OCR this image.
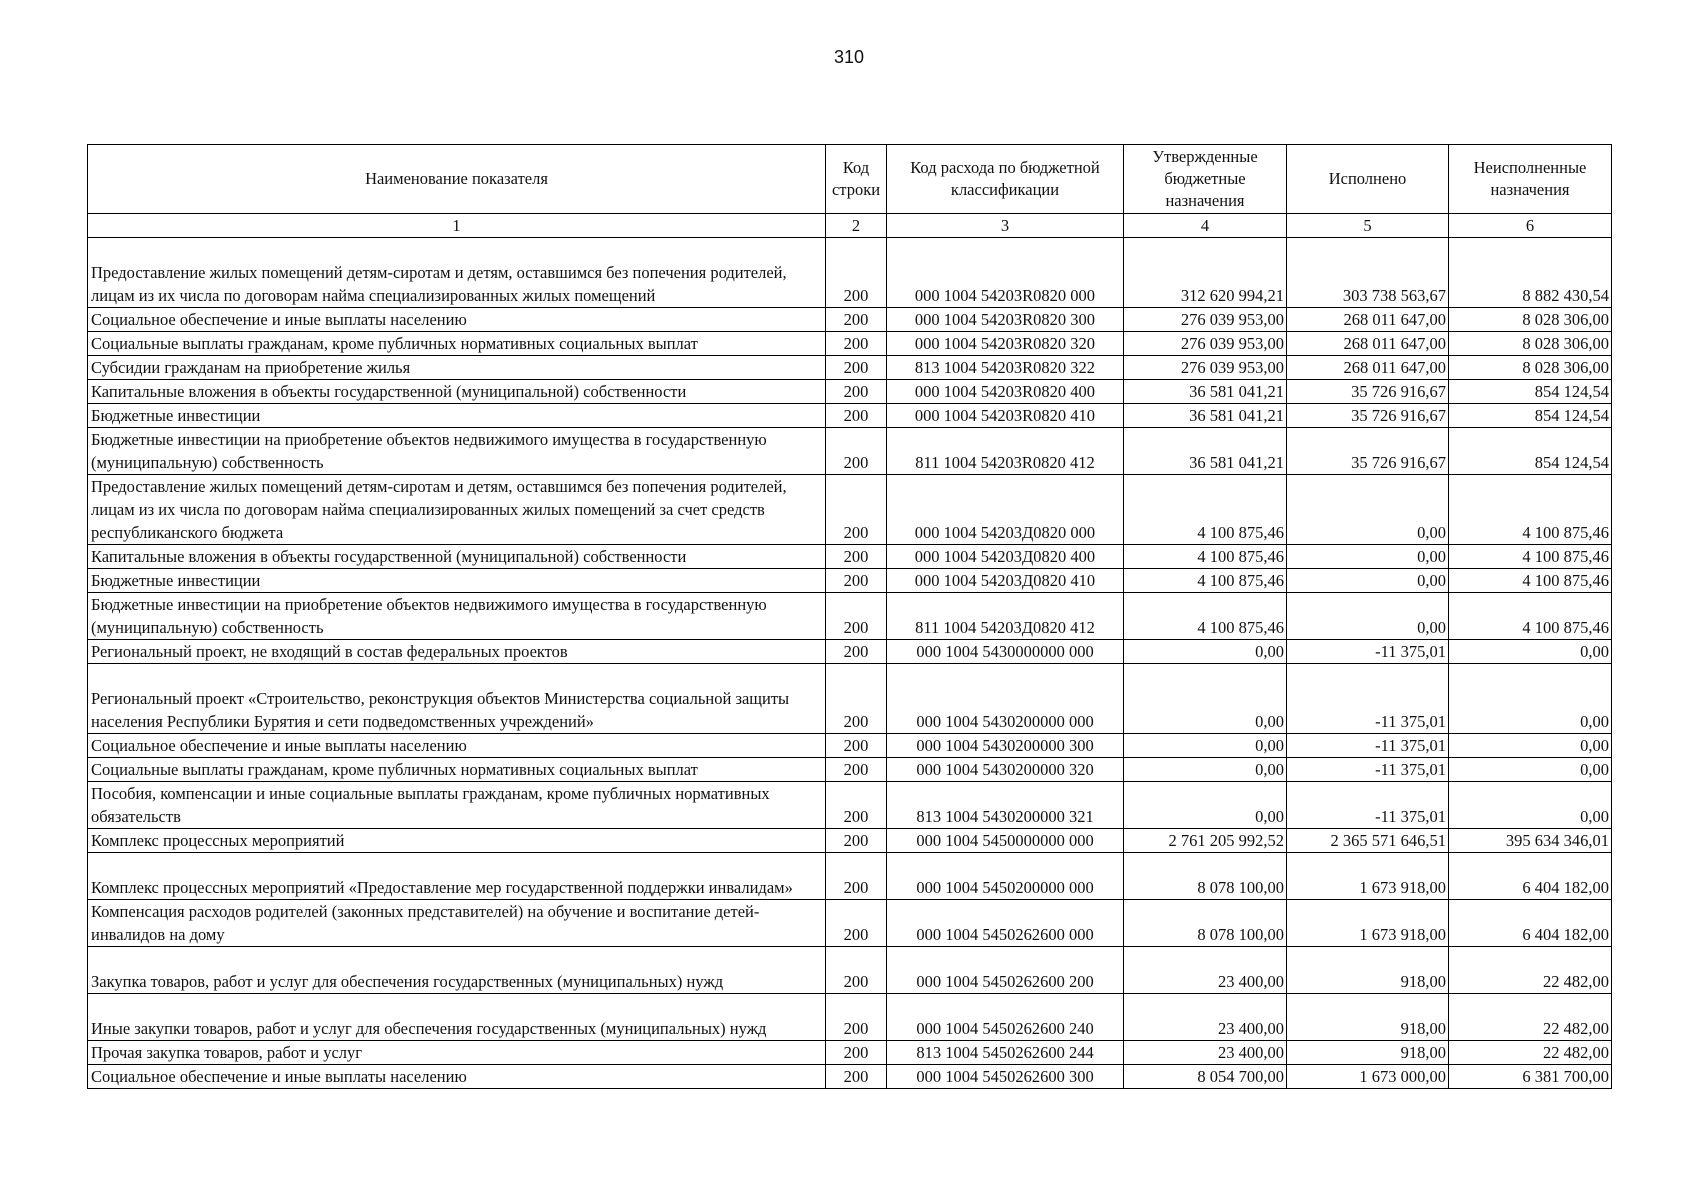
310
Наименование показателя	Код строки	Код расхода по бюджетной классификации	Утвержденные бюджетные назначения	Исполнено	Неисполненные назначения
1	2	3	4	5	6
Предоставление жилых помещений детям-сиротам и детям, оставшимся без попечения родителей, лицам из их числа по договорам найма специализированных жилых помещений	200	000 1004 54203R0820 000	312 620 994,21	303 738 563,67	8 882 430,54
Социальное обеспечение и иные выплаты населению	200	000 1004 54203R0820 300	276 039 953,00	268 011 647,00	8 028 306,00
Социальные выплаты гражданам, кроме публичных нормативных социальных выплат	200	000 1004 54203R0820 320	276 039 953,00	268 011 647,00	8 028 306,00
Субсидии гражданам на приобретение жилья	200	813 1004 54203R0820 322	276 039 953,00	268 011 647,00	8 028 306,00
Капитальные вложения в объекты государственной (муниципальной) собственности	200	000 1004 54203R0820 400	36 581 041,21	35 726 916,67	854 124,54
Бюджетные инвестиции	200	000 1004 54203R0820 410	36 581 041,21	35 726 916,67	854 124,54
Бюджетные инвестиции на приобретение объектов недвижимого имущества в государственную (муниципальную) собственность	200	811 1004 54203R0820 412	36 581 041,21	35 726 916,67	854 124,54
Предоставление жилых помещений детям-сиротам и детям, оставшимся без попечения родителей, лицам из их числа по договорам найма специализированных жилых помещений за счет средств республиканского бюджета	200	000 1004 54203Д0820 000	4 100 875,46	0,00	4 100 875,46
Капитальные вложения в объекты государственной (муниципальной) собственности	200	000 1004 54203Д0820 400	4 100 875,46	0,00	4 100 875,46
Бюджетные инвестиции	200	000 1004 54203Д0820 410	4 100 875,46	0,00	4 100 875,46
Бюджетные инвестиции на приобретение объектов недвижимого имущества в государственную (муниципальную) собственность	200	811 1004 54203Д0820 412	4 100 875,46	0,00	4 100 875,46
Региональный проект, не входящий в состав федеральных проектов	200	000 1004 5430000000 000	0,00	-11 375,01	0,00
Региональный проект «Строительство, реконструкция объектов Министерства социальной защиты населения Республики Бурятия и сети подведомственных учреждений»	200	000 1004 5430200000 000	0,00	-11 375,01	0,00
Социальное обеспечение и иные выплаты населению	200	000 1004 5430200000 300	0,00	-11 375,01	0,00
Социальные выплаты гражданам, кроме публичных нормативных социальных выплат	200	000 1004 5430200000 320	0,00	-11 375,01	0,00
Пособия, компенсации и иные социальные выплаты гражданам, кроме публичных нормативных обязательств	200	813 1004 5430200000 321	0,00	-11 375,01	0,00
Комплекс процессных мероприятий	200	000 1004 5450000000 000	2 761 205 992,52	2 365 571 646,51	395 634 346,01
Комплекс процессных мероприятий «Предоставление мер государственной поддержки инвалидам»	200	000 1004 5450200000 000	8 078 100,00	1 673 918,00	6 404 182,00
Компенсация расходов родителей (законных представителей) на обучение и воспитание детей-инвалидов на дому	200	000 1004 5450262600 000	8 078 100,00	1 673 918,00	6 404 182,00
Закупка товаров, работ и услуг для обеспечения государственных (муниципальных) нужд	200	000 1004 5450262600 200	23 400,00	918,00	22 482,00
Иные закупки товаров, работ и услуг для обеспечения государственных (муниципальных) нужд	200	000 1004 5450262600 240	23 400,00	918,00	22 482,00
Прочая закупка товаров, работ и услуг	200	813 1004 5450262600 244	23 400,00	918,00	22 482,00
Социальное обеспечение и иные выплаты населению	200	000 1004 5450262600 300	8 054 700,00	1 673 000,00	6 381 700,00
